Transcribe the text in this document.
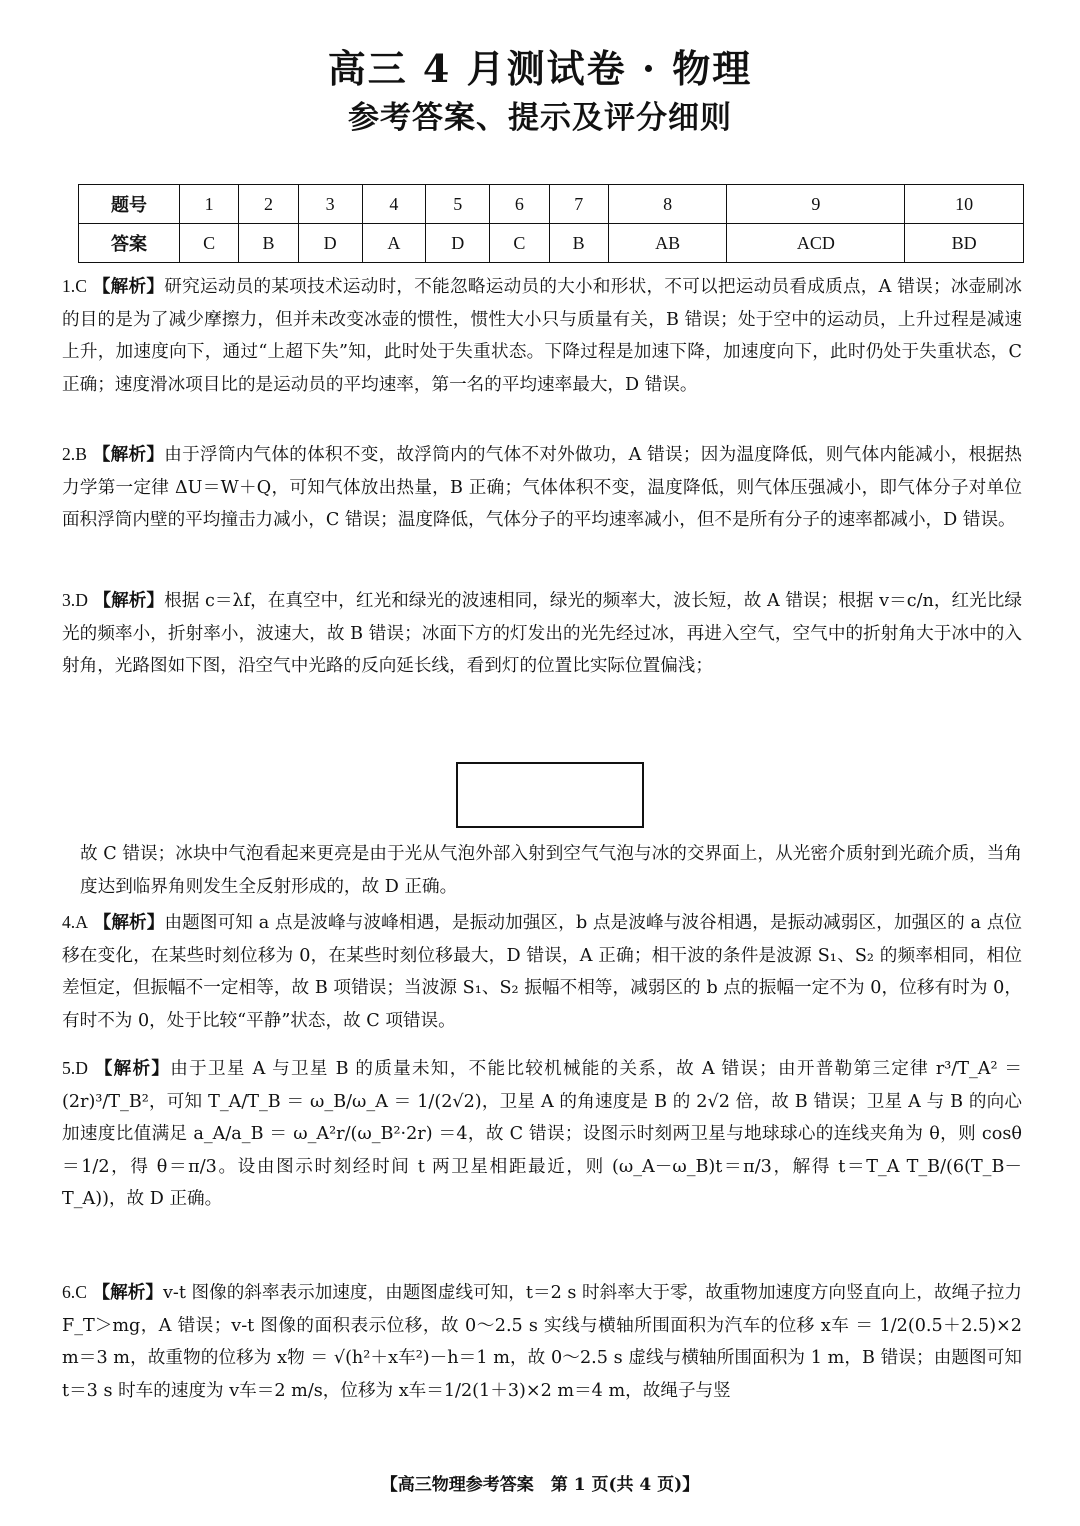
高三 4 月测试卷 · 物理
参考答案、提示及评分细则
题号	1	2	3	4	5	6	7	8	9	10
答案	C	B	D	A	D	C	B	AB	ACD	BD
1.C 【解析】研究运动员的某项技术运动时，不能忽略运动员的大小和形状，不可以把运动员看成质点，A 错误；冰壶刷冰的目的是为了减少摩擦力，但并未改变冰壶的惯性，惯性大小只与质量有关，B 错误；处于空中的运动员，上升过程是减速上升，加速度向下，通过“上超下失”知，此时处于失重状态。下降过程是加速下降，加速度向下，此时仍处于失重状态，C 正确；速度滑冰项目比的是运动员的平均速率，第一名的平均速率最大，D 错误。
2.B 【解析】由于浮筒内气体的体积不变，故浮筒内的气体不对外做功，A 错误；因为温度降低，则气体内能减小，根据热力学第一定律 ΔU＝W＋Q，可知气体放出热量，B 正确；气体体积不变，温度降低，则气体压强减小，即气体分子对单位面积浮筒内壁的平均撞击力减小，C 错误；温度降低，气体分子的平均速率减小，但不是所有分子的速率都减小，D 错误。
3.D 【解析】根据 c＝λf，在真空中，红光和绿光的波速相同，绿光的频率大，波长短，故 A 错误；根据 v＝c/n，红光比绿光的频率小，折射率小，波速大，故 B 错误；冰面下方的灯发出的光先经过冰，再进入空气，空气中的折射角大于冰中的入射角，光路图如下图，沿空气中光路的反向延长线，看到灯的位置比实际位置偏浅；
故 C 错误；冰块中气泡看起来更亮是由于光从气泡外部入射到空气气泡与冰的交界面上，从光密介质射到光疏介质，当角度达到临界角则发生全反射形成的，故 D 正确。
4.A 【解析】由题图可知 a 点是波峰与波峰相遇，是振动加强区，b 点是波峰与波谷相遇，是振动减弱区，加强区的 a 点位移在变化，在某些时刻位移为 0，在某些时刻位移最大，D 错误，A 正确；相干波的条件是波源 S₁、S₂ 的频率相同，相位差恒定，但振幅不一定相等，故 B 项错误；当波源 S₁、S₂ 振幅不相等，减弱区的 b 点的振幅一定不为 0，位移有时为 0，有时不为 0，处于比较“平静”状态，故 C 项错误。
5.D 【解析】由于卫星 A 与卫星 B 的质量未知，不能比较机械能的关系，故 A 错误；由开普勒第三定律 r³/T_A² ＝ (2r)³/T_B²，可知 T_A/T_B ＝ ω_B/ω_A ＝ 1/(2√2)，卫星 A 的角速度是 B 的 2√2 倍，故 B 错误；卫星 A 与 B 的向心加速度比值满足 a_A/a_B ＝ ω_A²r/(ω_B²·2r) ＝4，故 C 错误；设图示时刻两卫星与地球球心的连线夹角为 θ，则 cosθ＝1/2，得 θ＝π/3。设由图示时刻经时间 t 两卫星相距最近，则 (ω_A－ω_B)t＝π/3，解得 t＝T_A T_B/(6(T_B－T_A))，故 D 正确。
6.C 【解析】v-t 图像的斜率表示加速度，由题图虚线可知，t＝2 s 时斜率大于零，故重物加速度方向竖直向上，故绳子拉力 F_T＞mg，A 错误；v-t 图像的面积表示位移，故 0～2.5 s 实线与横轴所围面积为汽车的位移 x车 ＝ 1/2(0.5＋2.5)×2 m＝3 m，故重物的位移为 x物 ＝ √(h²＋x车²)－h＝1 m，故 0～2.5 s 虚线与横轴所围面积为 1 m，B 错误；由题图可知 t＝3 s 时车的速度为 v车＝2 m/s，位移为 x车＝1/2(1＋3)×2 m＝4 m，故绳子与竖
【高三物理参考答案　第 1 页(共 4 页)】
